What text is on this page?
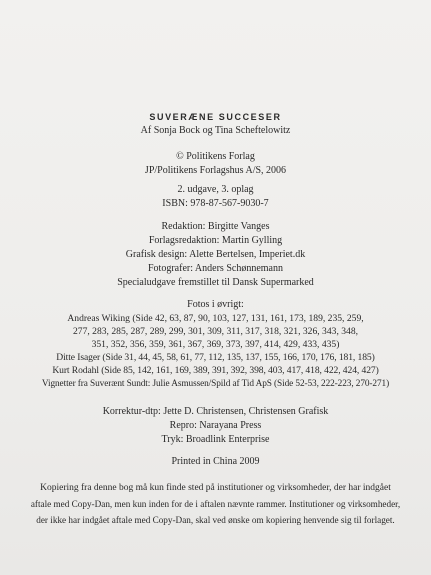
SUVERÆNE SUCCESER
Af Sonja Bock og Tina Scheftelowitz
© Politikens Forlag
JP/Politikens Forlagshus A/S, 2006
2. udgave, 3. oplag
ISBN: 978-87-567-9030-7
Redaktion: Birgitte Vanges
Forlagsredaktion: Martin Gylling
Grafisk design: Alette Bertelsen, Imperiet.dk
Fotografer: Anders Schønnemann
Specialudgave fremstillet til Dansk Supermarked
Fotos i øvrigt:
Andreas Wiking (Side 42, 63, 87, 90, 103, 127, 131, 161, 173, 189, 235, 259,
277, 283, 285, 287, 289, 299, 301, 309, 311, 317, 318, 321, 326, 343, 348,
351, 352, 356, 359, 361, 367, 369, 373, 397, 414, 429, 433, 435)
Ditte Isager (Side 31, 44, 45, 58, 61, 77, 112, 135, 137, 155, 166, 170, 176, 181, 185)
Kurt Rodahl (Side 85, 142, 161, 169, 389, 391, 392, 398, 403, 417, 418, 422, 424, 427)
Vignetter fra Suverænt Sundt: Julie Asmussen/Spild af Tid ApS (Side 52-53, 222-223, 270-271)
Korrektur-dtp: Jette D. Christensen, Christensen Grafisk
Repro: Narayana Press
Tryk: Broadlink Enterprise
Printed in China 2009
Kopiering fra denne bog må kun finde sted på institutioner og virksomheder, der har indgået
aftale med Copy-Dan, men kun inden for de i aftalen nævnte rammer. Institutioner og virksomheder,
der ikke har indgået aftale med Copy-Dan, skal ved ønske om kopiering henvende sig til forlaget.
